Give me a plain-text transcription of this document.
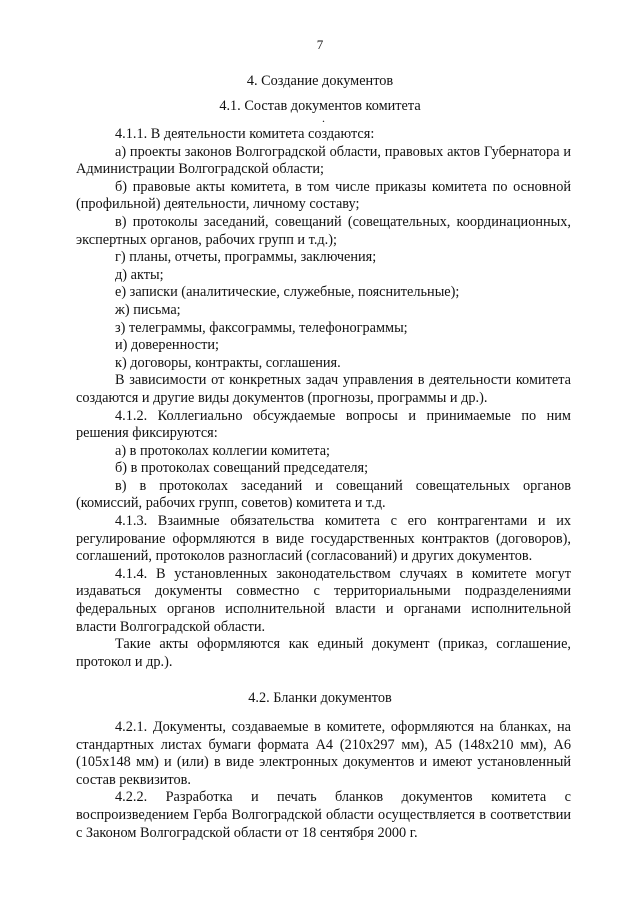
7
4. Создание документов
4.1. Состав документов комитета
.

4.1.1. В деятельности комитета создаются:

а) проекты законов Волгоградской области, правовых актов Губернатора и Администрации Волгоградской области;

б) правовые акты комитета, в том числе приказы комитета по основной (профильной) деятельности, личному составу;

в) протоколы заседаний, совещаний (совещательных, координационных, экспертных органов, рабочих групп и т.д.);

г) планы, отчеты, программы, заключения;

д) акты;

е) записки (аналитические, служебные, пояснительные);

ж) письма;

з) телеграммы, факсограммы, телефонограммы;

и) доверенности;

к) договоры, контракты, соглашения.

В зависимости от конкретных задач управления в деятельности комитета создаются и другие виды документов (прогнозы, программы и др.).

4.1.2. Коллегиально обсуждаемые вопросы и принимаемые по ним решения фиксируются:

а) в протоколах коллегии комитета;

б) в протоколах совещаний председателя;

в) в протоколах заседаний и совещаний совещательных органов (комиссий, рабочих групп, советов) комитета и т.д.

4.1.3. Взаимные обязательства комитета с его контрагентами и их регулирование оформляются в виде государственных контрактов (договоров), соглашений, протоколов разногласий (согласований) и других документов.

4.1.4. В установленных законодательством случаях в комитете могут издаваться документы совместно с территориальными подразделениями федеральных органов исполнительной власти и органами исполнительной власти Волгоградской области.

Такие акты оформляются как единый документ (приказ, соглашение, протокол и др.).

4.2. Бланки документов

4.2.1. Документы, создаваемые в комитете, оформляются на бланках, на стандартных листах бумаги формата А4 (210x297 мм), А5 (148x210 мм), А6 (105x148 мм) и (или) в виде электронных документов и имеют установленный состав реквизитов.

4.2.2. Разработка и печать бланков документов комитета с воспроизведением Герба Волгоградской области осуществляется в соответствии с Законом Волгоградской области от 18 сентября 2000 г.
